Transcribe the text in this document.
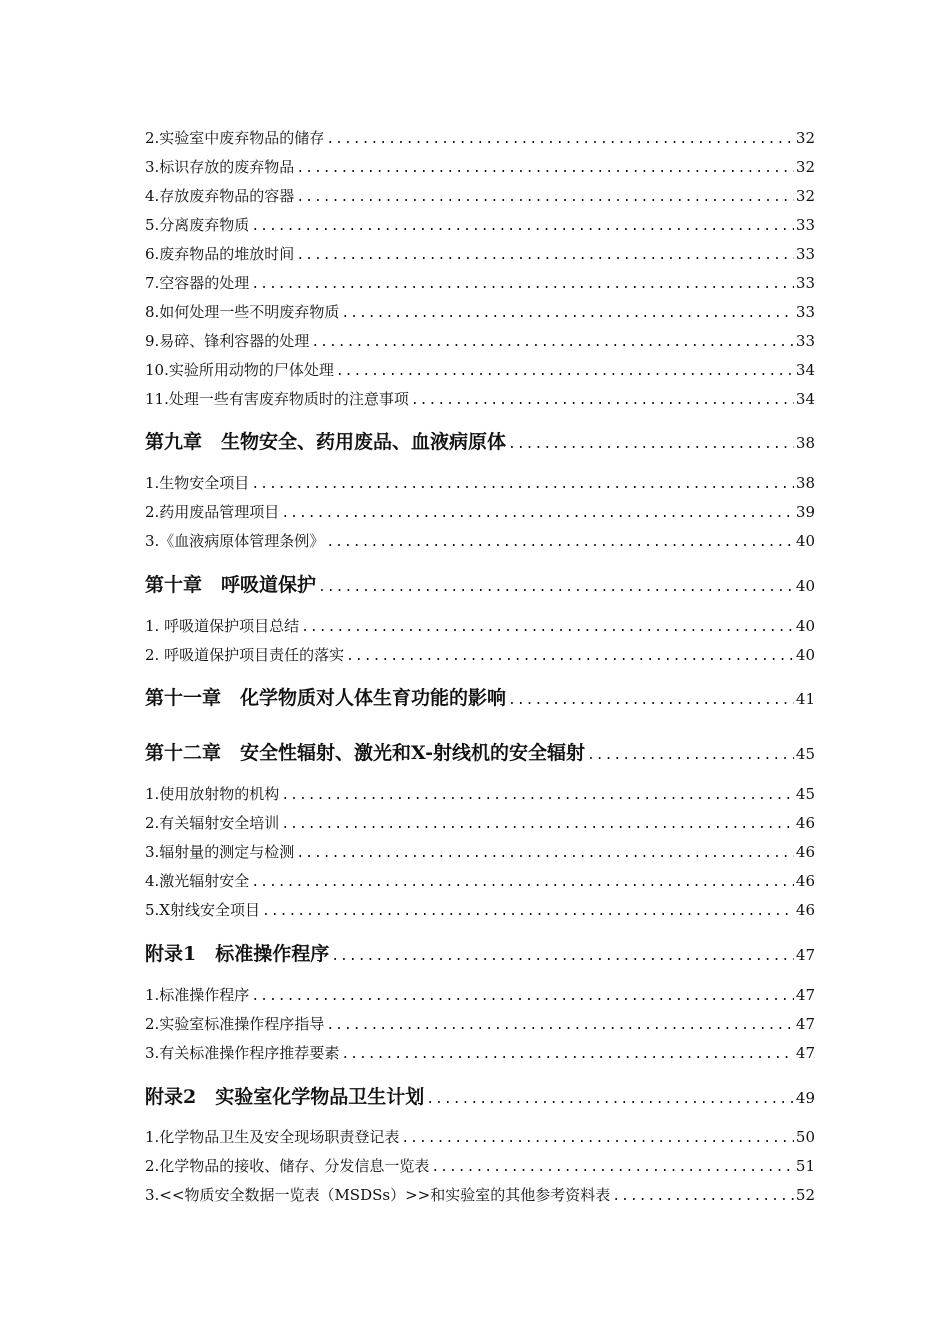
2.实验室中废弃物品的储存 .....	32
3.标识存放的废弃物品 .....	32
4.存放废弃物品的容器 .....	32
5.分离废弃物质 .....	33
6.废弃物品的堆放时间 .....	33
7.空容器的处理 .....	33
8.如何处理一些不明废弃物质 .....	33
9.易碎、锋利容器的处理 .....	33
10.实验所用动物的尸体处理 .....	34
11.处理一些有害废弃物质时的注意事项 .....	34
第九章　生物安全、药用废品、血液病原体 .....	38
1.生物安全项目 .....	38
2.药用废品管理项目 .....	39
3.《血液病原体管理条例》 .....	40
第十章　呼吸道保护 .....	40
1. 呼吸道保护项目总结 .....	40
2. 呼吸道保护项目责任的落实 .....	40
第十一章　化学物质对人体生育功能的影响 .....	41
第十二章　安全性辐射、激光和X-射线机的安全辐射 .....	45
1.使用放射物的机构 .....	45
2.有关辐射安全培训 .....	46
3.辐射量的测定与检测 .....	46
4.激光辐射安全 .....	46
5.X射线安全项目 .....	46
附录1　标准操作程序 .....	47
1.标准操作程序 .....	47
2.实验室标准操作程序指导 .....	47
3.有关标准操作程序推荐要素 .....	47
附录2　实验室化学物品卫生计划 .....	49
1.化学物品卫生及安全现场职责登记表 .....	50
2.化学物品的接收、储存、分发信息一览表 .....	51
3.<<物质安全数据一览表（MSDSs）>>和实验室的其他参考资料表 .....	52
